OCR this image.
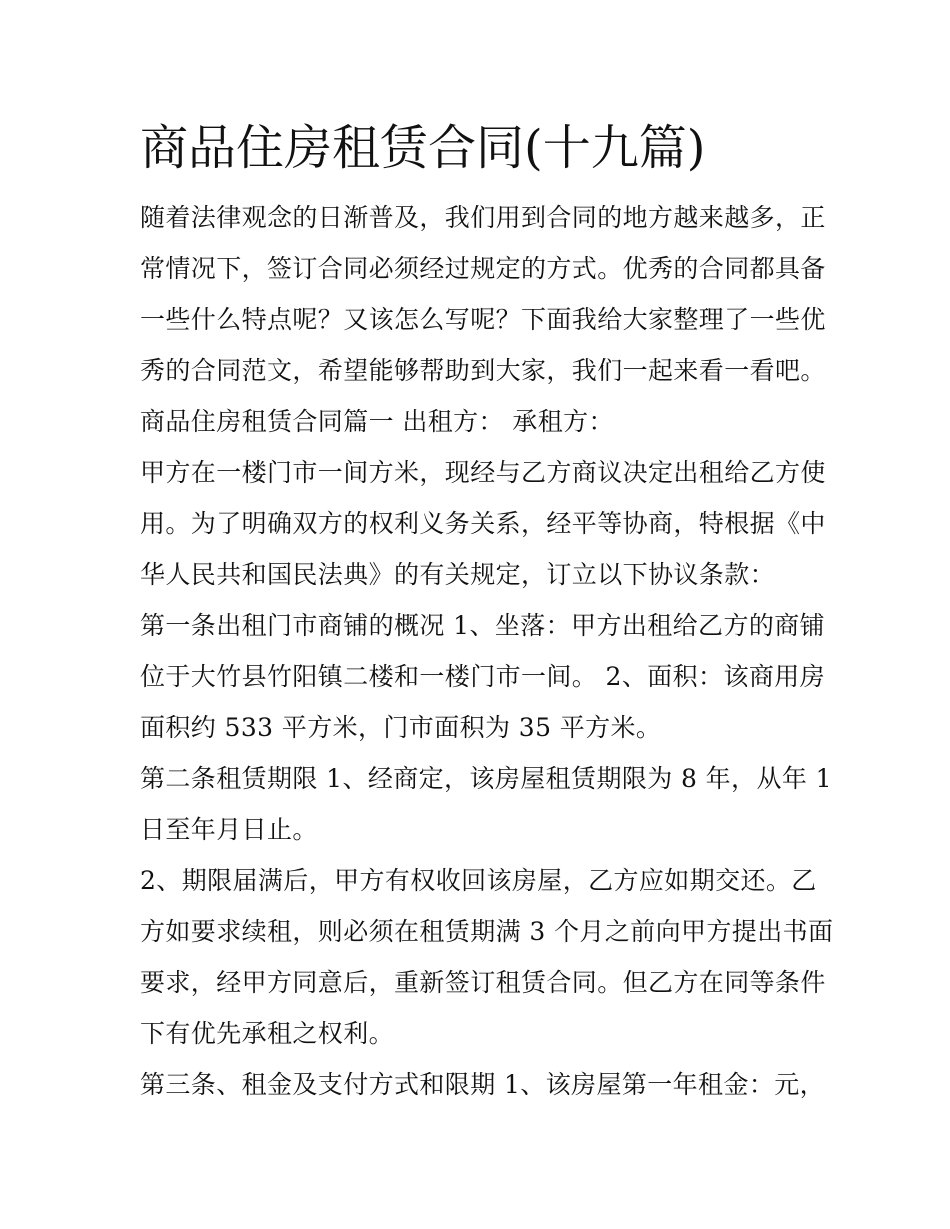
商品住房租赁合同(十九篇)

随着法律观念的日渐普及，我们用到合同的地方越来越多，正

常情况下，签订合同必须经过规定的方式。优秀的合同都具备

一些什么特点呢？又该怎么写呢？下面我给大家整理了一些优

秀的合同范文，希望能够帮助到大家，我们一起来看一看吧。

商品住房租赁合同篇一 出租方： 承租方：

甲方在一楼门市一间方米，现经与乙方商议决定出租给乙方使

用。为了明确双方的权利义务关系，经平等协商，特根据《中

华人民共和国民法典》的有关规定，订立以下协议条款：

第一条出租门市商铺的概况 1、坐落：甲方出租给乙方的商铺

位于大竹县竹阳镇二楼和一楼门市一间。 2、面积：该商用房

面积约 533 平方米，门市面积为 35 平方米。

第二条租赁期限 1、经商定，该房屋租赁期限为 8 年，从年 1

日至年月日止。

2、期限届满后，甲方有权收回该房屋，乙方应如期交还。乙

方如要求续租，则必须在租赁期满 3 个月之前向甲方提出书面

要求，经甲方同意后，重新签订租赁合同。但乙方在同等条件

下有优先承租之权利。

第三条、租金及支付方式和限期 1、该房屋第一年租金：元，
